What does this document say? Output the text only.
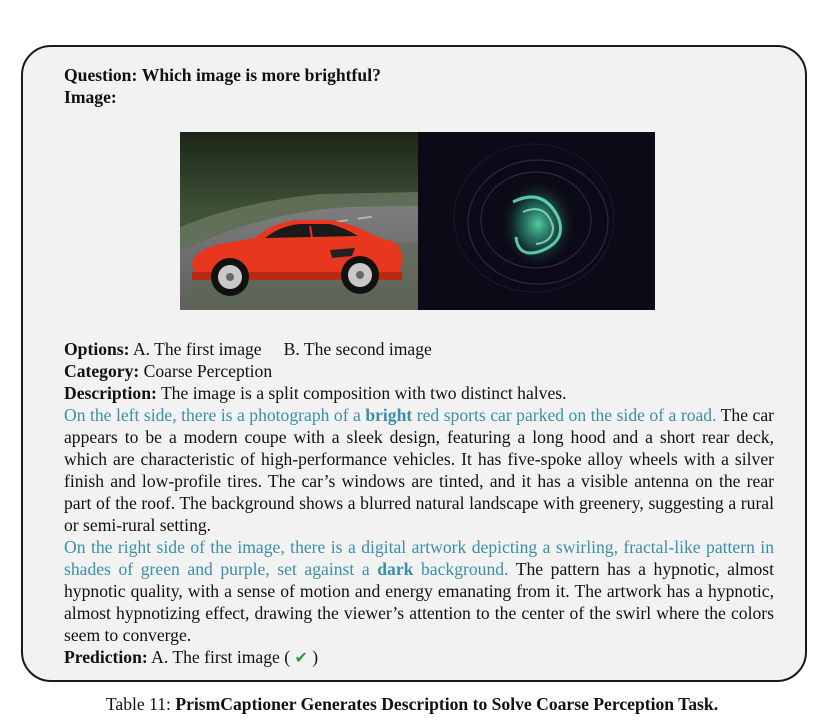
Question: Which image is more brightful?
Image:
Options: A. The first image B. The second image
Category: Coarse Perception
Description: The image is a split composition with two distinct halves.
On the left side, there is a photograph of a bright red sports car parked on the side of a road. The car appears to be a modern coupe with a sleek design, featuring a long hood and a short rear deck, which are characteristic of high-performance vehicles. It has five-spoke alloy wheels with a silver finish and low-profile tires. The car’s windows are tinted, and it has a visible antenna on the rear part of the roof. The background shows a blurred natural landscape with greenery, suggesting a rural or semi-rural setting.
On the right side of the image, there is a digital artwork depicting a swirling, fractal-like pattern in shades of green and purple, set against a dark background. The pattern has a hypnotic, almost hypnotic quality, with a sense of motion and energy emanating from it. The artwork has a hypnotic, almost hypnotizing effect, drawing the viewer’s attention to the center of the swirl where the colors seem to converge.
Prediction: A. The first image ( ✔ )
Table 11: PrismCaptioner Generates Description to Solve Coarse Perception Task.
